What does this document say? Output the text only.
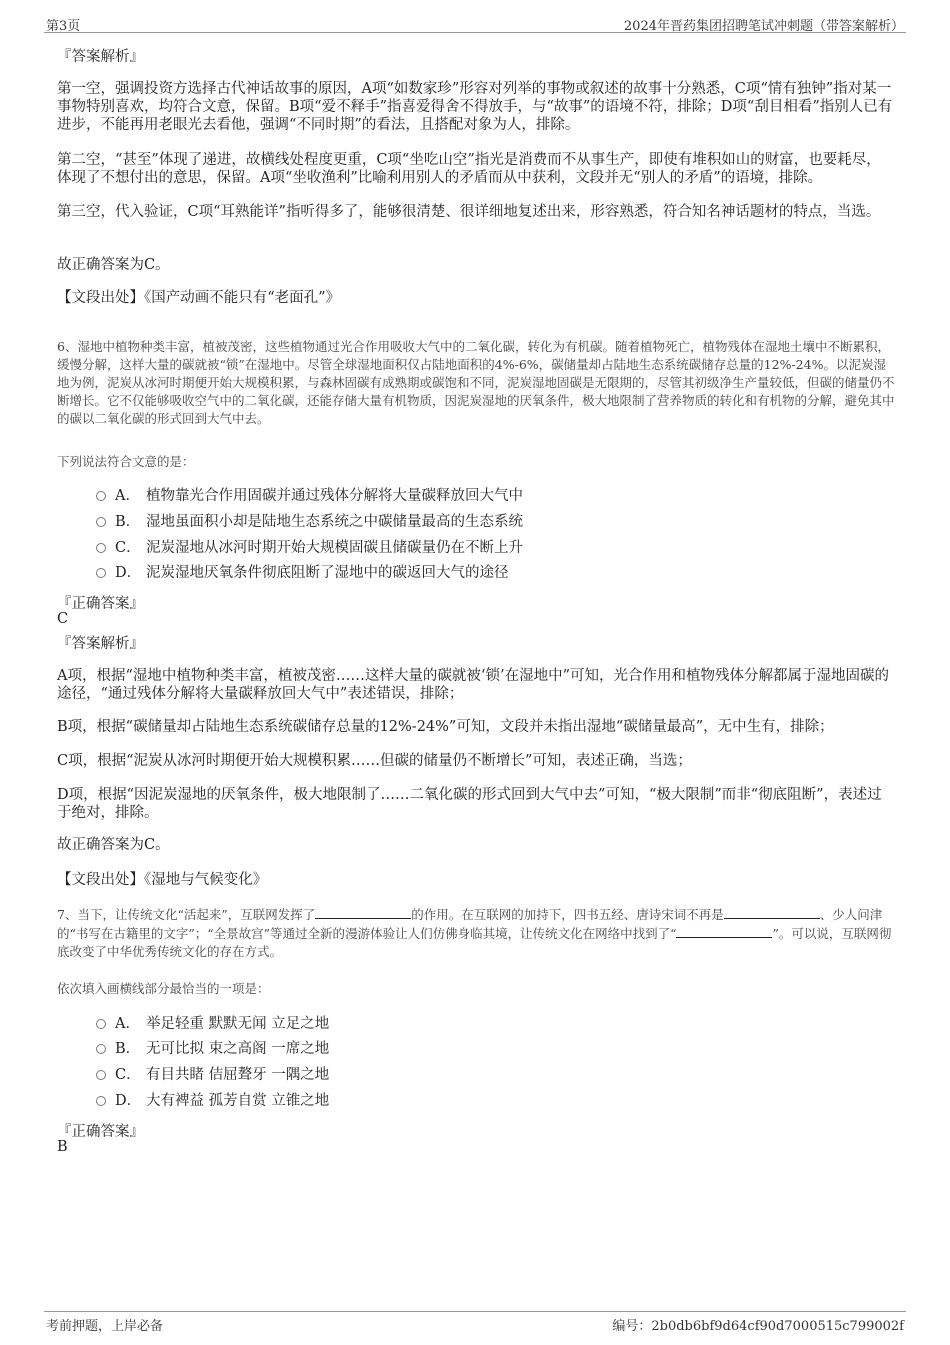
第3页	2024年晋药集团招聘笔试冲刺题（带答案解析）
『答案解析』
第一空，强调投资方选择古代神话故事的原因，A项“如数家珍”形容对列举的事物或叙述的故事十分熟悉，C项“情有独钟”指对某一事物特别喜欢，均符合文意，保留。B项“爱不释手”指喜爱得舍不得放手，与“故事”的语境不符，排除；D项“刮目相看”指别人已有进步，不能再用老眼光去看他，强调“不同时期”的看法，且搭配对象为人，排除。
第二空，“甚至”体现了递进，故横线处程度更重，C项“坐吃山空”指光是消费而不从事生产，即使有堆积如山的财富，也要耗尽，体现了不想付出的意思，保留。A项“坐收渔利”比喻利用别人的矛盾而从中获利，文段并无“别人的矛盾”的语境，排除。
第三空，代入验证，C项“耳熟能详”指听得多了，能够很清楚、很详细地复述出来，形容熟悉，符合知名神话题材的特点，当选。
故正确答案为C。
【文段出处】《国产动画不能只有“老面孔”》
6、湿地中植物种类丰富，植被茂密，这些植物通过光合作用吸收大气中的二氧化碳，转化为有机碳。随着植物死亡，植物残体在湿地土壤中不断累积，缓慢分解，这样大量的碳就被“锁”在湿地中。尽管全球湿地面积仅占陆地面积的4%-6%，碳储量却占陆地生态系统碳储存总量的12%-24%。以泥炭湿地为例，泥炭从冰河时期便开始大规模积累，与森林固碳有成熟期或碳饱和不同，泥炭湿地固碳是无限期的，尽管其初级净生产量较低，但碳的储量仍不断增长。它不仅能够吸收空气中的二氧化碳，还能存储大量有机物质，因泥炭湿地的厌氧条件，极大地限制了营养物质的转化和有机物的分解，避免其中的碳以二氧化碳的形式回到大气中去。
下列说法符合文意的是：
A． 植物靠光合作用固碳并通过残体分解将大量碳释放回大气中
B． 湿地虽面积小却是陆地生态系统之中碳储量最高的生态系统
C． 泥炭湿地从冰河时期开始大规模固碳且储碳量仍在不断上升
D． 泥炭湿地厌氧条件彻底阻断了湿地中的碳返回大气的途径
『正确答案』
C
『答案解析』
A项，根据“湿地中植物种类丰富，植被茂密……这样大量的碳就被‘锁’在湿地中”可知，光合作用和植物残体分解都属于湿地固碳的途径，“通过残体分解将大量碳释放回大气中”表述错误，排除；
B项，根据“碳储量却占陆地生态系统碳储存总量的12%-24%”可知，文段并未指出湿地“碳储量最高”，无中生有，排除；
C项，根据“泥炭从冰河时期便开始大规模积累……但碳的储量仍不断增长”可知，表述正确，当选；
D项，根据“因泥炭湿地的厌氧条件，极大地限制了……二氧化碳的形式回到大气中去”可知，“极大限制”而非“彻底阻断”，表述过于绝对，排除。
故正确答案为C。
【文段出处】《湿地与气候变化》
7、当下，让传统文化“活起来”，互联网发挥了	的作用。在互联网的加持下，四书五经、唐诗宋词不再是	、少人问津的“书写在古籍里的文字”；“全景故宫”等通过全新的漫游体验让人们仿佛身临其境，让传统文化在网络中找到了“	”。可以说，互联网彻底改变了中华优秀传统文化的存在方式。
依次填入画横线部分最恰当的一项是：
A． 举足轻重 默默无闻 立足之地
B． 无可比拟 束之高阁 一席之地
C． 有目共睹 佶屈聱牙 一隅之地
D． 大有裨益 孤芳自赏 立锥之地
『正确答案』
B
考前押题，上岸必备	编号：2b0db6bf9d64cf90d7000515c799002f
